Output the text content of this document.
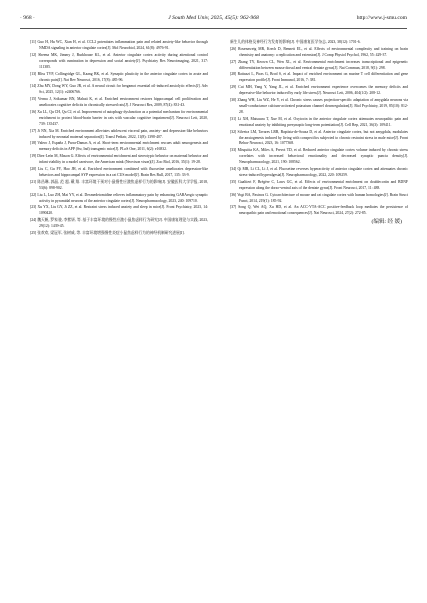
· 968 ·	J South Med Univ, 2025, 45(5): 962-968	http://www.j-smu.com

[11] Guo H, Hu WC, Xian H, et al. CCL2 potentiates inflammation pain and related anxiety-like behavior through NMDA signaling in anterior cingulate cortex[J]. Mol Neurobiol, 2024, 61(8): 4976-91.

[12] Sheena MK, Jimmy J, Burkhouse KL, et al. Anterior cingulate cortex activity during attentional control corresponds with rumination in depression and social anxiety[J]. Psychiatry Res Neuroimaging, 2021, 317: 111385.

[13] Bliss TVP, Collingridge GL, Kaang BK, et al. Synaptic plasticity in the anterior cingulate cortex in acute and chronic pain[J]. Nat Rev Neurosci, 2016, 17(8): 485-96.

[14] Zhu MY, Dong WY, Guo JR, et al. A neural circuit for bergamot essential oil-induced anxiolytic effects[J]. Adv Sci, 2025, 12(1): e2406766.

[15] Verma J, Srikumar BN, Mahati K, et al. Enriched environment restores hippocampal cell proliferation and ameliorates cognitive deficits in chronically stressed rats[J]. J Neurosci Res, 2009, 87(4): 831-43.

[16] Xu LL, Qu CH, Qu CJ, et al. Improvement of autophagy dysfunction as a potential mechanism for environmental enrichment to protect blood-brain barrier in rats with vascular cognitive impairment[J]. Neurosci Lett, 2020, 739: 135437.

[17] Ji NN, Xia M. Enriched environment alleviates adolescent visceral pain, anxiety- and depression-like behaviors induced by neonatal maternal separation[J]. Transl Pediatr, 2022, 11(8): 1398-407.

[18] Valero J, España J, Parra-Damas A, et al. Short-term environmental enrichment rescues adult neurogenesis and memory deficits in APP (Sw, Ind) transgenic mice[J]. PLoS One, 2011, 6(2): e16832.

[19] Diez-León M, Mason G. Effects of environmental enrichment and stereotypic behavior on maternal behavior and infant viability in a model carnivore, the American mink (Neovison vison)[J]. Zoo Biol, 2016, 35(1): 19-28.

[20] Liu C, Gu FY, Hao JH, et al. Enriched environment combined with fluoxetine ameliorates depression-like behaviors and hippocampal SYP expression in a rat CUS model[J]. Brain Res Bull, 2017, 135: 33-9.

[21] 陈昌琳, 郭晶, 范 超, 戴 翔. 丰富环境干预对小鼠慢性应激焦虑样行为的影响[J]. 安徽医科大学学报, 2018, 53(6): 898-902.

[22] Liu L, Luo ZH, Mai YY, et al. Dexmedetomidine relieves inflammatory pain by enhancing GABAergic synaptic activity in pyramidal neurons of the anterior cingulate cortex[J]. Neuropharmacology, 2023, 240: 109710.

[23] Xu YX, Liu GY, Ji ZZ, et al. Restraint stress induced anxiety and sleep in mice[J]. Front Psychiatry, 2023, 14: 1090420.

[24] 魏天帆, 罗家骏, 李紫妍, 等. 基于丰富环境的慢性应激小鼠焦虑样行为研究[J]. 中国康复理论与实践, 2023, 29(12): 1439-45.

[25] 张欢欢, 梁冠军, 张树威, 等. 丰富环境增强慢性炎症小鼠焦虑样行为的神经机制研究进展[J].

新生儿的体格及神经行为发育的影响[J]. 中国康复医学杂志, 2023, 38(12): 1701-6.

[26] Rosenzweig MR, Krech D, Bennett EL, et al. Effects of environmental complexity and training on brain chemistry and anatomy: a replication and extension[J]. J Comp Physiol Psychol, 1962, 55: 429-37.

[27] Zhang TY, Keown CL, Wen XL, et al. Environmental enrichment increases transcriptional and epigenetic differentiation between mouse dorsal and ventral dentate gyrus[J]. Nat Commun, 2018, 9(1): 298.

[28] Rattazzi L, Piras G, Brod S, et al. Impact of enriched environment on murine T cell differentiation and gene expression profile[J]. Front Immunol, 2016, 7: 381.

[29] Cui MH, Yang Y, Yang JL, et al. Enriched environment experience overcomes the memory deficits and depressive-like behavior induced by early life stress[J]. Neurosci Lett, 2006, 404(1/2): 208-12.

[30] Zhang WH, Liu WZ, He Y, et al. Chronic stress causes projection-specific adaptation of amygdala neurons via small-conductance calcium-activated potassium channel downregulation[J]. Biol Psychiatry, 2019, 85(10): 812-28.

[31] Li XH, Matsuura T, Xue M, et al. Oxytocin in the anterior cingulate cortex attenuates neuropathic pain and emotional anxiety by inhibiting presynaptic long-term potentiation[J]. Cell Rep, 2021, 36(3): 109411.

[32] Silveira LM, Tavares LRR, Baptista-de-Souza D, et al. Anterior cingulate cortex, but not amygdala, modulates the anxiogenesis induced by living with conspecifics subjected to chronic restraint stress in male mice[J]. Front Behav Neurosci, 2023, 16: 1077368.

[33] Misquitta KA, Miles A, Prevot TD, et al. Reduced anterior cingulate cortex volume induced by chronic stress correlates with increased behavioral emotionality and decreased synaptic puncta density[J]. Neuropharmacology, 2021, 190: 108562.

[34] Qi MR, Li CL, Li J, et al. Fluoxetine reverses hyperactivity of anterior cingulate cortex and attenuates chronic stress-induced hyperalgesia[J]. Neuropharmacology, 2022, 220: 109259.

[35] Gualtieri F, Brégère C, Laws GC, et al. Effects of environmental enrichment on doublecortin and BDNF expression along the dorso-ventral axis of the dentate gyrus[J]. Front Neurosci, 2017, 11: 488.

[36] Vogt BA, Paxinos G. Cytoarchitecture of mouse and rat cingulate cortex with human homologies[J]. Brain Struct Funct, 2014, 219(1): 185-92.

[37] Song Q, Wei AQ, Xu HD, et al. An ACC-VTA-ACC positive-feedback loop mediates the persistence of neuropathic pain and emotional consequences[J]. Nat Neurosci, 2024, 27(2): 272-85.

(编辑: 经 媛)
